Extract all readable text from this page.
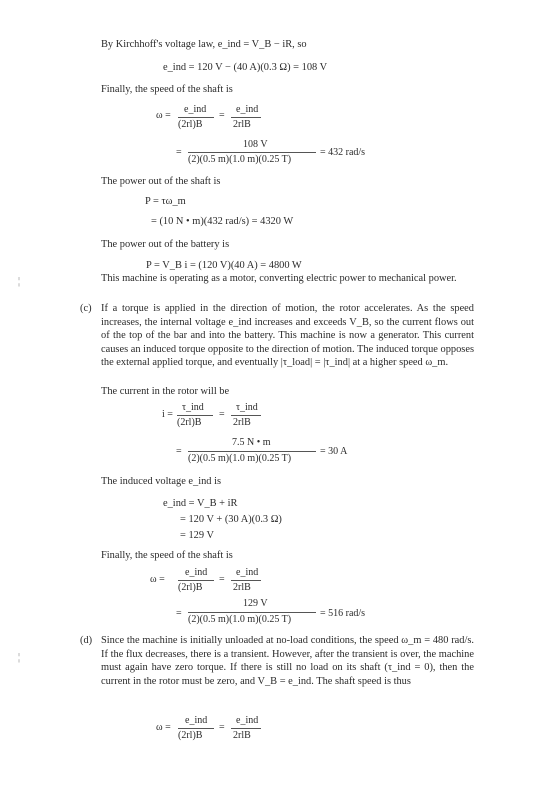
By Kirchhoff's voltage law, e_ind = V_B − iR, so
e_ind = 120 V − (40 A)(0.3 Ω) = 108 V
Finally, the speed of the shaft is
ω =
e_ind
(2rl)B
=
e_ind
2rlB
=
108 V
(2)(0.5 m)(1.0 m)(0.25 T)
= 432 rad/s
The power out of the shaft is
P = τω_m
= (10 N • m)(432 rad/s) = 4320 W
The power out of the battery is
P = V_B i = (120 V)(40 A) = 4800 W
¦	This machine is operating as a motor, converting electric power to mechanical power.
(c) If a torque is applied in the direction of motion, the rotor accelerates. As the speed increases, the internal voltage e_ind increases and exceeds V_B, so the current flows out of the top of the bar and into the battery. This machine is now a generator. This current causes an induced torque opposite to the direction of motion. The induced torque opposes the external applied torque, and eventually |τ_load| = |τ_ind| at a higher speed ω_m.
The current in the rotor will be
i =
τ_ind
(2rl)B
=
τ_ind
2rlB
=
7.5 N • m
(2)(0.5 m)(1.0 m)(0.25 T)
= 30 A
The induced voltage e_ind is
e_ind = V_B + iR
= 120 V + (30 A)(0.3 Ω)
= 129 V
Finally, the speed of the shaft is
ω =
e_ind
(2rl)B
=
e_ind
2rlB
=
129 V
(2)(0.5 m)(1.0 m)(0.25 T)
= 516 rad/s
(d)
¦
Since the machine is initially unloaded at no-load conditions, the speed ω_m = 480 rad/s. If the flux decreases, there is a transient. However, after the transient is over, the machine must again have zero torque. If there is still no load on its shaft (τ_ind = 0), then the current in the rotor must be zero, and V_B = e_ind. The shaft speed is thus
ω =
e_ind
(2rl)B
=
e_ind
2rlB
